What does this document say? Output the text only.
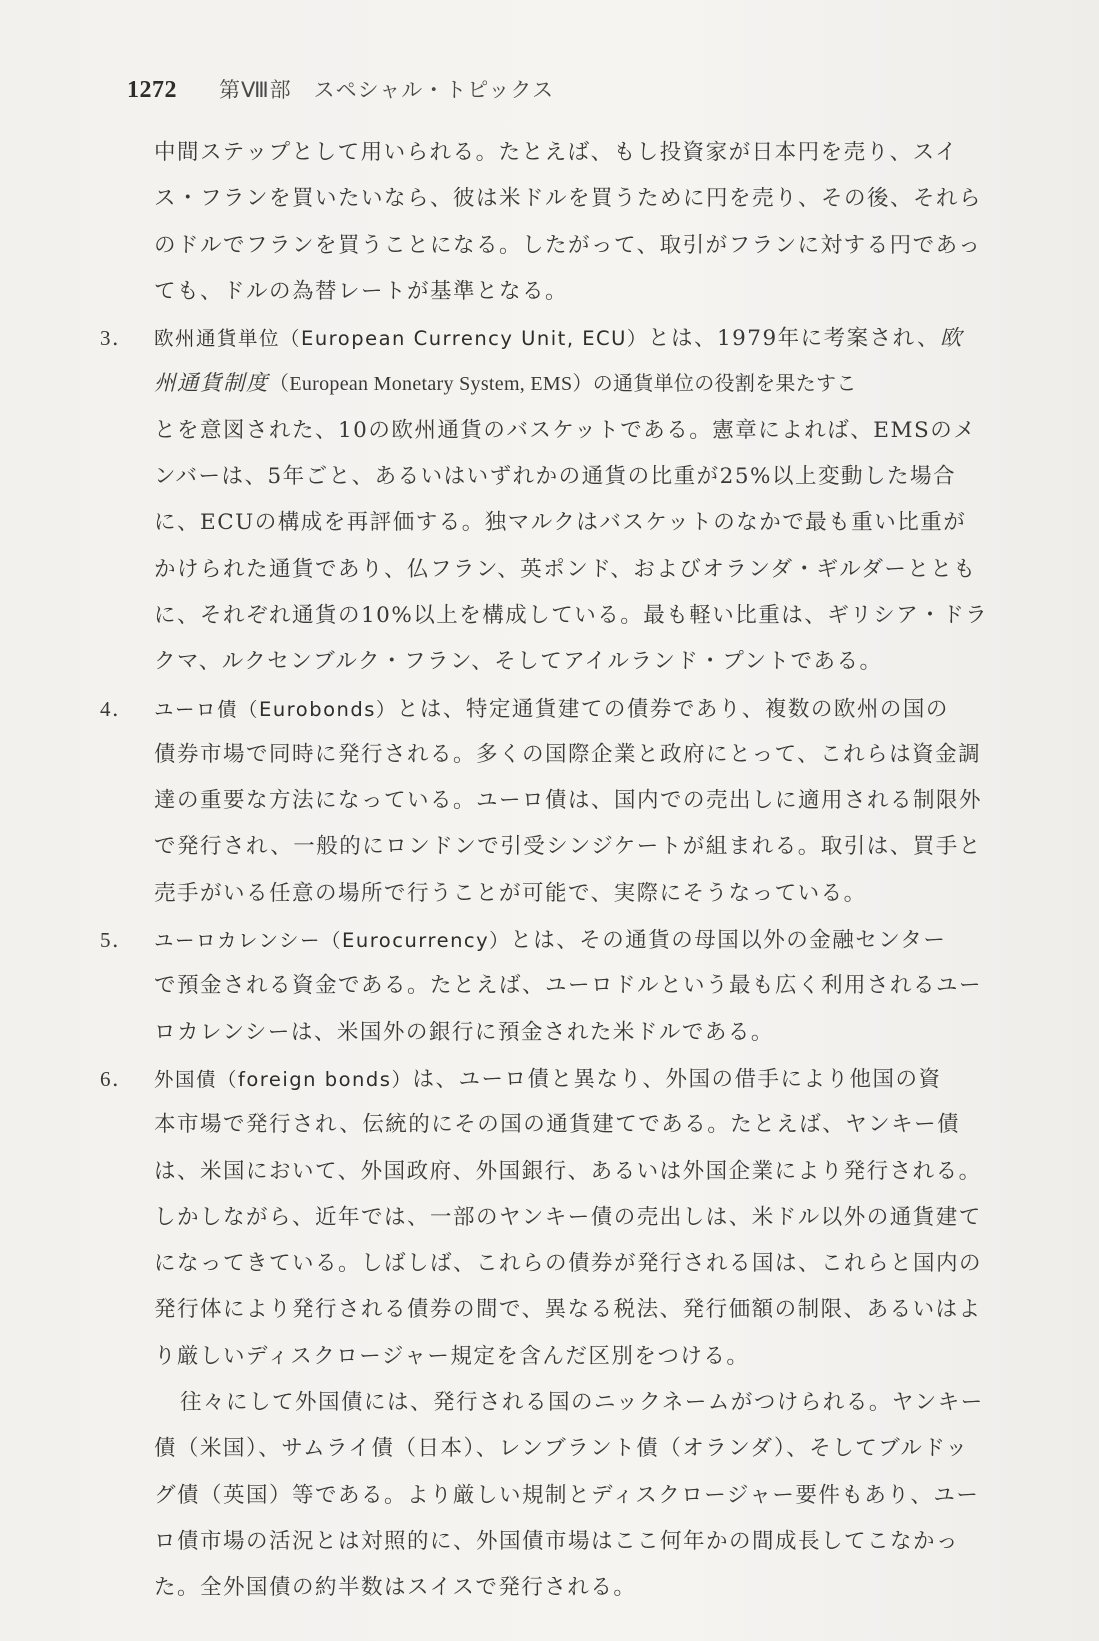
1272 第Ⅷ部　スペシャル・トピックス
中間ステップとして用いられる。たとえば、もし投資家が日本円を売り、スイ
ス・フランを買いたいなら、彼は米ドルを買うために円を売り、その後、それら
のドルでフランを買うことになる。したがって、取引がフランに対する円であっ
ても、ドルの為替レートが基準となる。
3． 欧州通貨単位（European Currency Unit, ECU）とは、1979年に考案され、欧
州通貨制度（European Monetary System, EMS）の通貨単位の役割を果たすこ
とを意図された、10の欧州通貨のバスケットである。憲章によれば、EMSのメ
ンバーは、5年ごと、あるいはいずれかの通貨の比重が25%以上変動した場合
に、ECUの構成を再評価する。独マルクはバスケットのなかで最も重い比重が
かけられた通貨であり、仏フラン、英ポンド、およびオランダ・ギルダーととも
に、それぞれ通貨の10%以上を構成している。最も軽い比重は、ギリシア・ドラ
クマ、ルクセンブルク・フラン、そしてアイルランド・プントである。
4． ユーロ債（Eurobonds）とは、特定通貨建ての債券であり、複数の欧州の国の
債券市場で同時に発行される。多くの国際企業と政府にとって、これらは資金調
達の重要な方法になっている。ユーロ債は、国内での売出しに適用される制限外
で発行され、一般的にロンドンで引受シンジケートが組まれる。取引は、買手と
売手がいる任意の場所で行うことが可能で、実際にそうなっている。
5． ユーロカレンシー（Eurocurrency）とは、その通貨の母国以外の金融センター
で預金される資金である。たとえば、ユーロドルという最も広く利用されるユー
ロカレンシーは、米国外の銀行に預金された米ドルである。
6． 外国債（foreign bonds）は、ユーロ債と異なり、外国の借手により他国の資
本市場で発行され、伝統的にその国の通貨建てである。たとえば、ヤンキー債
は、米国において、外国政府、外国銀行、あるいは外国企業により発行される。
しかしながら、近年では、一部のヤンキー債の売出しは、米ドル以外の通貨建て
になってきている。しばしば、これらの債券が発行される国は、これらと国内の
発行体により発行される債券の間で、異なる税法、発行価額の制限、あるいはよ
り厳しいディスクロージャー規定を含んだ区別をつける。
往々にして外国債には、発行される国のニックネームがつけられる。ヤンキー
債（米国）、サムライ債（日本）、レンブラント債（オランダ）、そしてブルドッ
グ債（英国）等である。より厳しい規制とディスクロージャー要件もあり、ユー
ロ債市場の活況とは対照的に、外国債市場はここ何年かの間成長してこなかっ
た。全外国債の約半数はスイスで発行される。
